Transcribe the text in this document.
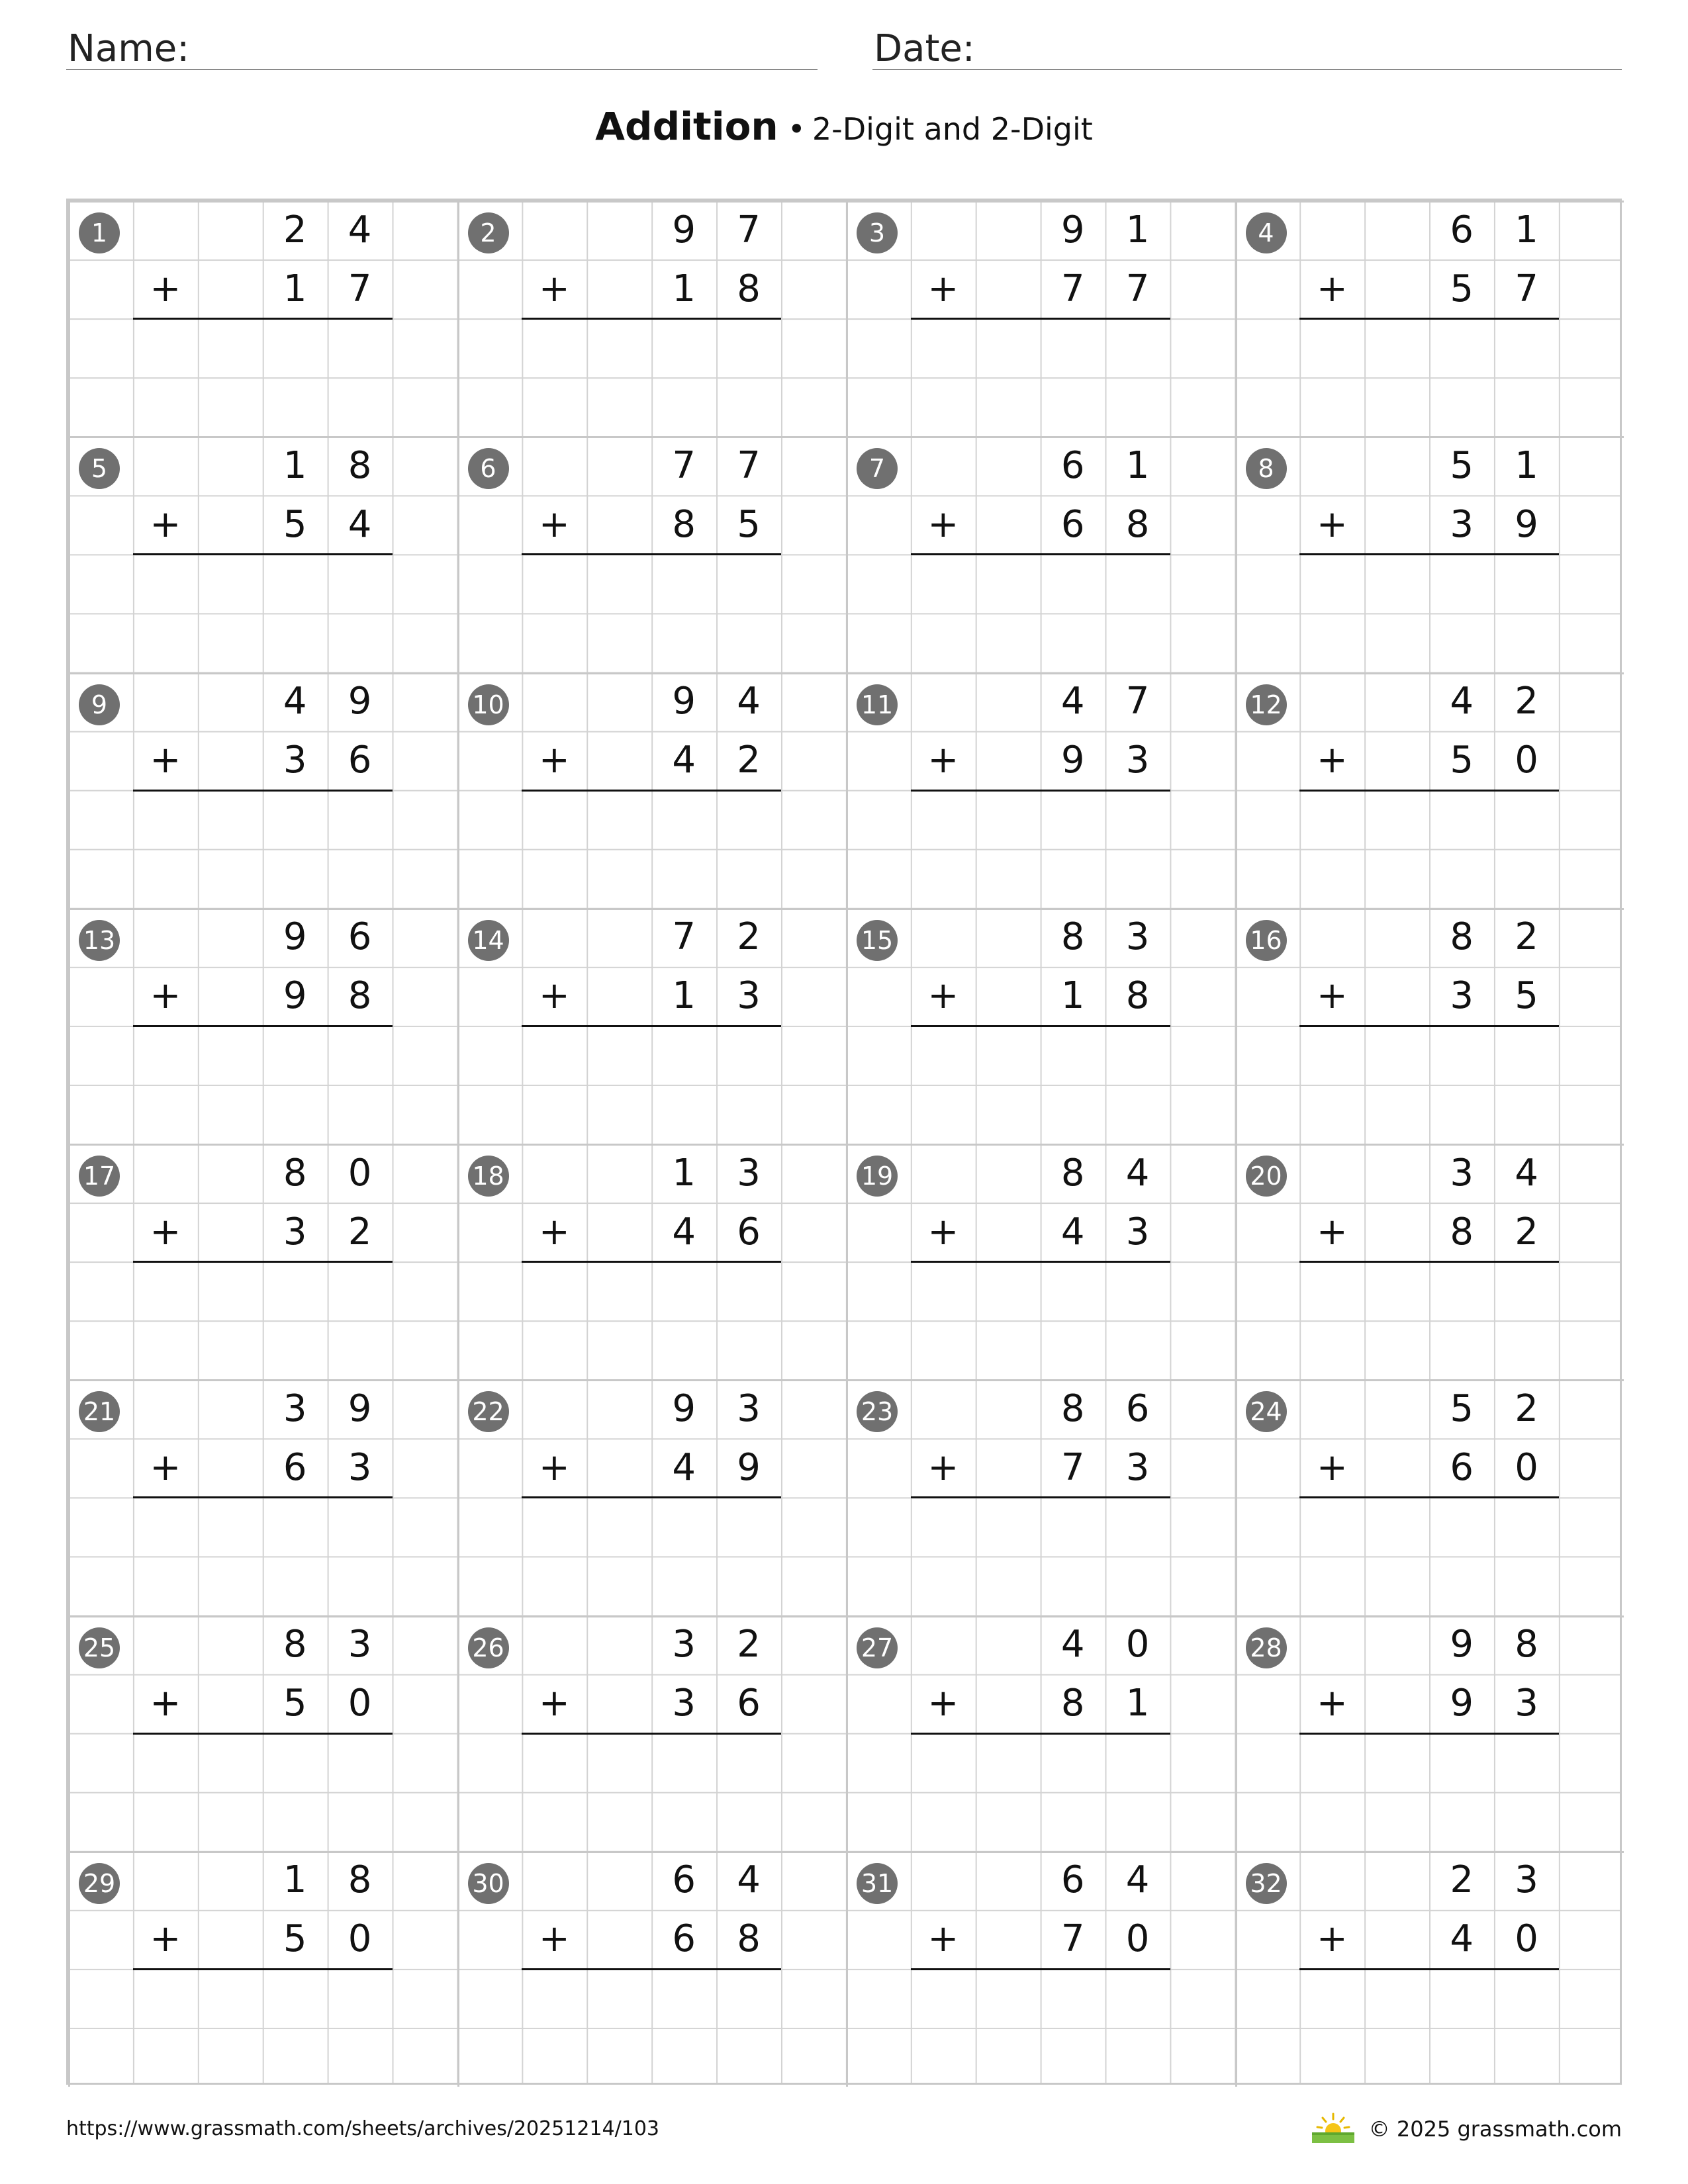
Name:	Date:
Addition • 2-Digit and 2-Digit
1	2	4
+	1	7
2	9	7
+	1	8
3	9	1
+	7	7
4	6	1
+	5	7
5	1	8
+	5	4
6	7	7
+	8	5
7	6	1
+	6	8
8	5	1
+	3	9
9	4	9
+	3	6
10	9	4
+	4	2
11	4	7
+	9	3
12	4	2
+	5	0
13	9	6
+	9	8
14	7	2
+	1	3
15	8	3
+	1	8
16	8	2
+	3	5
17	8	0
+	3	2
18	1	3
+	4	6
19	8	4
+	4	3
20	3	4
+	8	2
21	3	9
+	6	3
22	9	3
+	4	9
23	8	6
+	7	3
24	5	2
+	6	0
25	8	3
+	5	0
26	3	2
+	3	6
27	4	0
+	8	1
28	9	8
+	9	3
29	1	8
+	5	0
30	6	4
+	6	8
31	6	4
+	7	0
32	2	3
+	4	0
https://www.grassmath.com/sheets/archives/20251214/103	© 2025 grassmath.com
